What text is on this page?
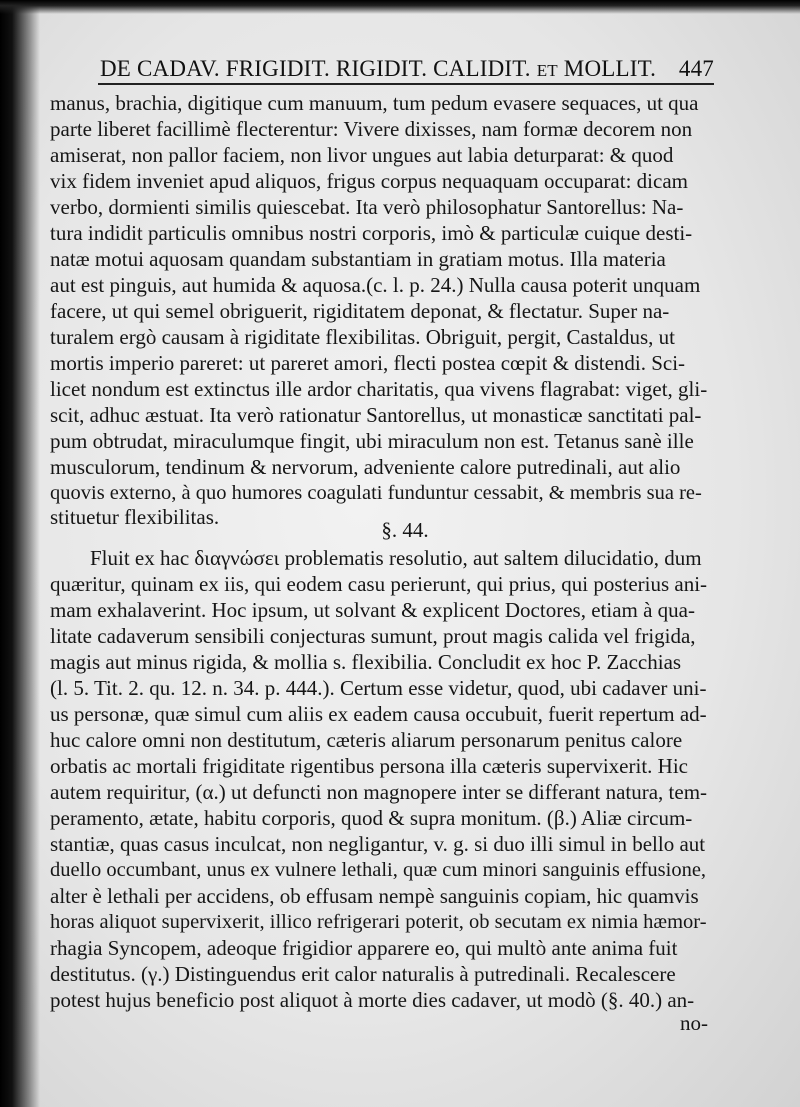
DE CADAV. FRIGIDIT. RIGIDIT. CALIDIT. ET MOLLIT. 447
manus, brachia, digitique cum manuum, tum pedum evasere sequaces, ut qua
parte liberet facillimè flecterentur: Vivere dixisses, nam formæ decorem non
amiserat, non pallor faciem, non livor ungues aut labia deturparat: & quod
vix fidem inveniet apud aliquos, frigus corpus nequaquam occuparat: dicam
verbo, dormienti similis quiescebat. Ita verò philosophatur Santorellus: Na-
tura indidit particulis omnibus nostri corporis, imò & particulæ cuique desti-
natæ motui aquosam quandam substantiam in gratiam motus. Illa materia
aut est pinguis, aut humida & aquosa.(c. l. p. 24.) Nulla causa poterit unquam
facere, ut qui semel obriguerit, rigiditatem deponat, & flectatur. Super na-
turalem ergò causam à rigiditate flexibilitas. Obriguit, pergit, Castaldus, ut
mortis imperio pareret: ut pareret amori, flecti postea cœpit & distendi. Sci-
licet nondum est extinctus ille ardor charitatis, qua vivens flagrabat: viget, gli-
scit, adhuc æstuat. Ita verò rationatur Santorellus, ut monasticæ sanctitati pal-
pum obtrudat, miraculumque fingit, ubi miraculum non est. Tetanus sanè ille
musculorum, tendinum & nervorum, adveniente calore putredinali, aut alio
quovis externo, à quo humores coagulati funduntur cessabit, & membris sua re-
stituetur flexibilitas.
§. 44.
Fluit ex hac διαγνώσει problematis resolutio, aut saltem dilucidatio, dum
quæritur, quinam ex iis, qui eodem casu perierunt, qui prius, qui posterius ani-
mam exhalaverint. Hoc ipsum, ut solvant & explicent Doctores, etiam à qua-
litate cadaverum sensibili conjecturas sumunt, prout magis calida vel frigida,
magis aut minus rigida, & mollia s. flexibilia. Concludit ex hoc P. Zacchias
(l. 5. Tit. 2. qu. 12. n. 34. p. 444.). Certum esse videtur, quod, ubi cadaver uni-
us personæ, quæ simul cum aliis ex eadem causa occubuit, fuerit repertum ad-
huc calore omni non destitutum, cæteris aliarum personarum penitus calore
orbatis ac mortali frigiditate rigentibus persona illa cæteris supervixerit. Hic
autem requiritur, (α.) ut defuncti non magnopere inter se differant natura, tem-
peramento, ætate, habitu corporis, quod & supra monitum. (β.) Aliæ circum-
stantiæ, quas casus inculcat, non negligantur, v. g. si duo illi simul in bello aut
duello occumbant, unus ex vulnere lethali, quæ cum minori sanguinis effusione,
alter è lethali per accidens, ob effusam nempè sanguinis copiam, hic quamvis
horas aliquot supervixerit, illico refrigerari poterit, ob secutam ex nimia hæmor-
rhagia Syncopem, adeoque frigidior apparere eo, qui multò ante anima fuit
destitutus. (γ.) Distinguendus erit calor naturalis à putredinali. Recalescere
potest hujus beneficio post aliquot à morte dies cadaver, ut modò (§. 40.) an-
no-
